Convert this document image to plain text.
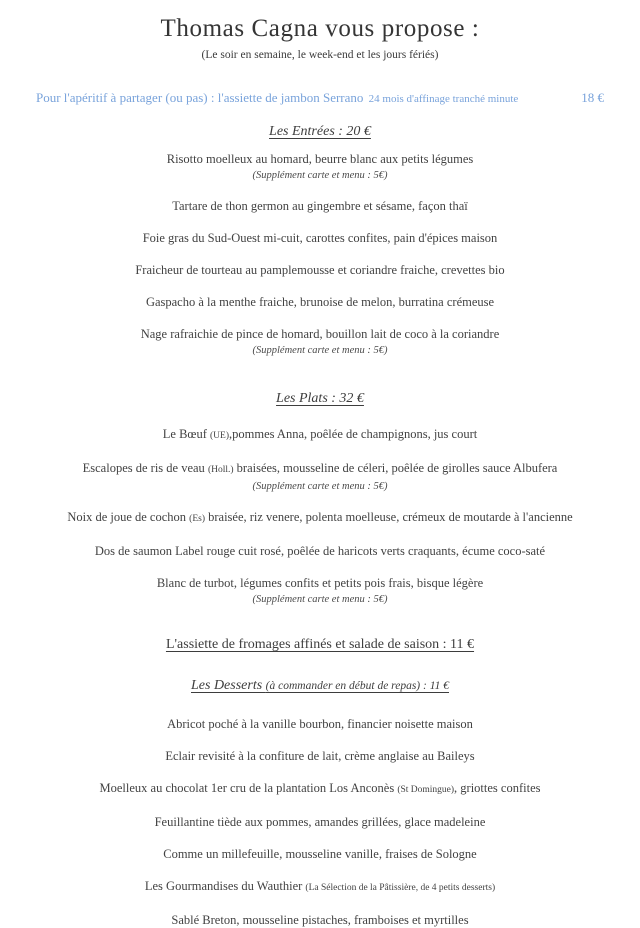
Thomas Cagna vous propose :
(Le soir en semaine, le week-end et les jours fériés)
Pour l'apéritif à partager (ou pas) : l'assiette de jambon Serrano 24 mois d'affinage tranché minute	18 €
Les Entrées : 20 €
Risotto moelleux au homard, beurre blanc aux petits légumes
(Supplément carte et menu : 5€)
Tartare de thon germon au gingembre et sésame, façon thaï
Foie gras du Sud-Ouest mi-cuit, carottes confites, pain d'épices maison
Fraicheur de tourteau au pamplemousse et coriandre fraiche, crevettes bio
Gaspacho à la menthe fraiche, brunoise de melon, burratina crémeuse
Nage rafraichie de pince de homard, bouillon lait de coco à la coriandre
(Supplément carte et menu : 5€)
Les Plats : 32 €
Le Bœuf (UE),pommes Anna, poêlée de champignons, jus court
Escalopes de ris de veau (Holl.) braisées, mousseline de céleri, poêlée de girolles sauce Albufera
(Supplément carte et menu : 5€)
Noix de joue de cochon (Es) braisée, riz venere, polenta moelleuse, crémeux de moutarde à l'ancienne
Dos de saumon Label rouge cuit rosé, poêlée de haricots verts craquants, écume coco-saté
Blanc de turbot, légumes confits et petits pois frais, bisque légère
(Supplément carte et menu : 5€)
L'assiette de fromages affinés et salade de saison : 11 €
Les Desserts (à commander en début de repas) : 11 €
Abricot poché à la vanille bourbon, financier noisette maison
Eclair revisité à la confiture de lait, crème anglaise au Baileys
Moelleux au chocolat 1er cru de la plantation Los Anconès (St Domingue), griottes confites
Feuillantine tiède aux pommes, amandes grillées, glace madeleine
Comme un millefeuille, mousseline vanille, fraises de Sologne
Les Gourmandises du Wauthier (La Sélection de la Pâtissière, de 4 petits desserts)
Sablé Breton, mousseline pistaches, framboises et myrtilles
